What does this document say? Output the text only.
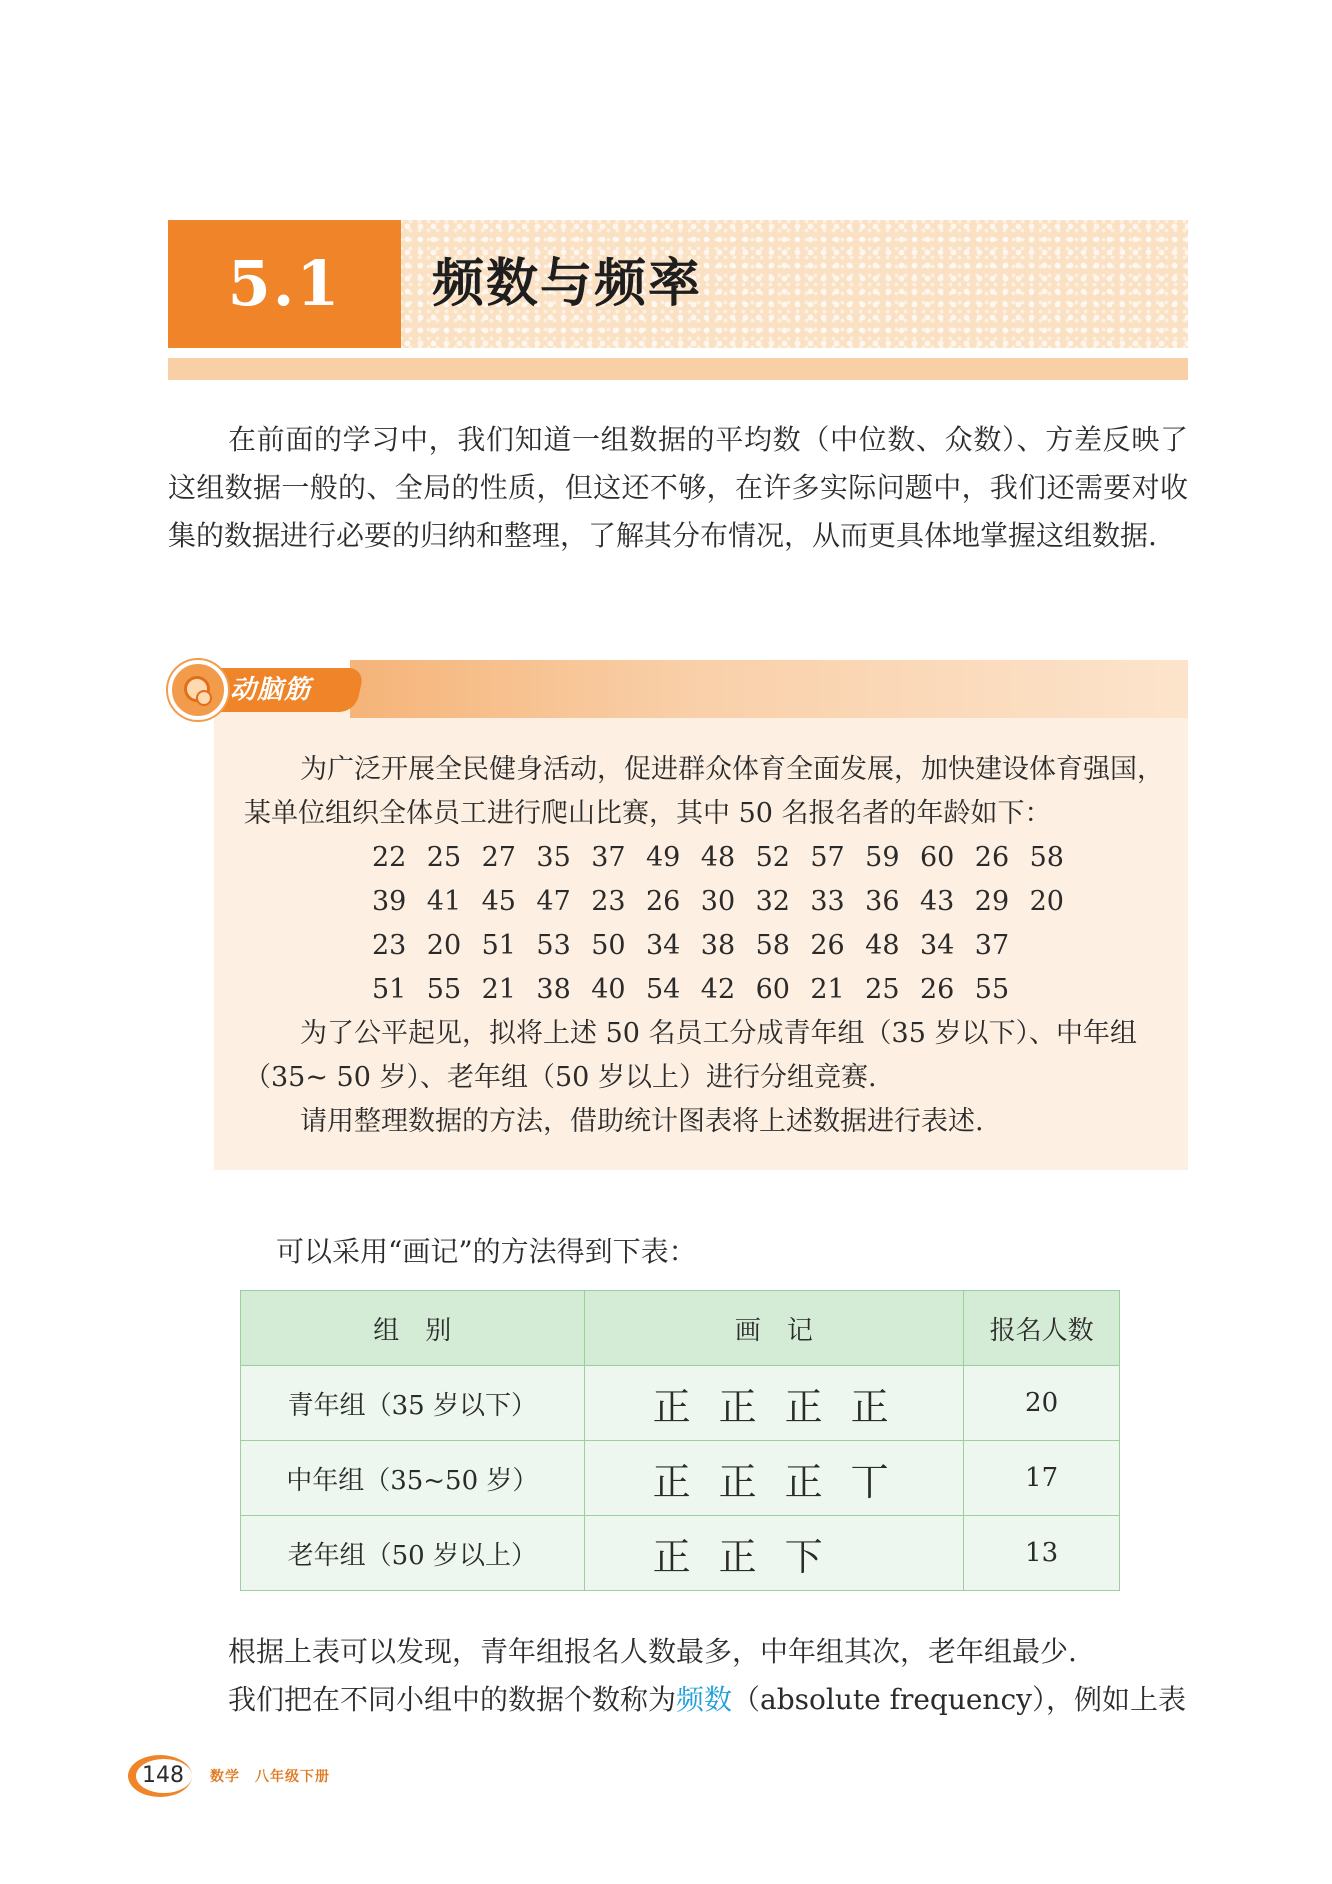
5.1	频数与频率

在前面的学习中，我们知道一组数据的平均数（中位数、众数）、方差反映了这组数据一般的、全局的性质，但这还不够，在许多实际问题中，我们还需要对收集的数据进行必要的归纳和整理，了解其分布情况，从而更具体地掌握这组数据.

动脑筋

为广泛开展全民健身活动，促进群众体育全面发展，加快建设体育强国，某单位组织全体员工进行爬山比赛，其中 50 名报名者的年龄如下：

22 25 27 35 37 49 48 52 57 59 60 26 58
39 41 45 47 23 26 30 32 33 36 43 29 20
23 20 51 53 50 34 38 58 26 48 34 37
51 55 21 38 40 54 42 60 21 25 26 55

为了公平起见，拟将上述 50 名员工分成青年组（35 岁以下）、中年组（35~ 50 岁）、老年组（50 岁以上）进行分组竞赛.

请用整理数据的方法，借助统计图表将上述数据进行表述.

可以采用“画记”的方法得到下表：

组　别	画　记	报名人数
青年组（35 岁以下）	正 正 正 正	20
中年组（35~50 岁）	正 正 正 丅	17
老年组（50 岁以上）	正 正 下	13

根据上表可以发现，青年组报名人数最多，中年组其次，老年组最少.

我们把在不同小组中的数据个数称为频数（absolute frequency），例如上表

148 数学　八年级下册
